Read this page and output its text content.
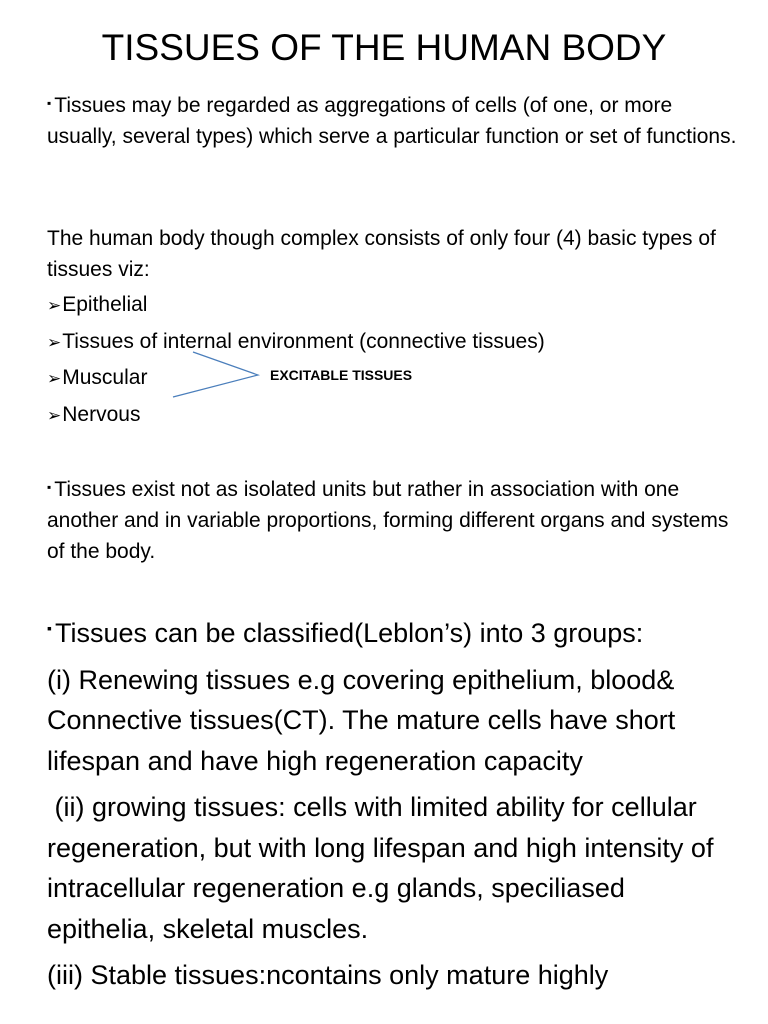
TISSUES OF THE HUMAN BODY

▪ Tissues may be regarded as aggregations of cells (of one, or more usually, several types) which serve a particular function or set of functions.

The human body though complex consists of only four (4) basic types of tissues viz:

➢Epithelial
➢Tissues of internal environment (connective tissues)
➢Muscular
➢Nervous
EXCITABLE TISSUES

▪ Tissues exist not as isolated units but rather in association with one another and in variable proportions, forming different organs and systems of the body.

▪ Tissues can be classified(Leblon’s) into 3 groups:

(i) Renewing tissues e.g covering epithelium, blood& Connective tissues(CT). The mature cells have short lifespan and have high regeneration capacity

(ii) growing tissues: cells with limited ability for cellular regeneration, but with long lifespan and high intensity of intracellular regeneration e.g glands, speciliased epithelia, skeletal muscles.

(iii) Stable tissues:ncontains only mature highly
